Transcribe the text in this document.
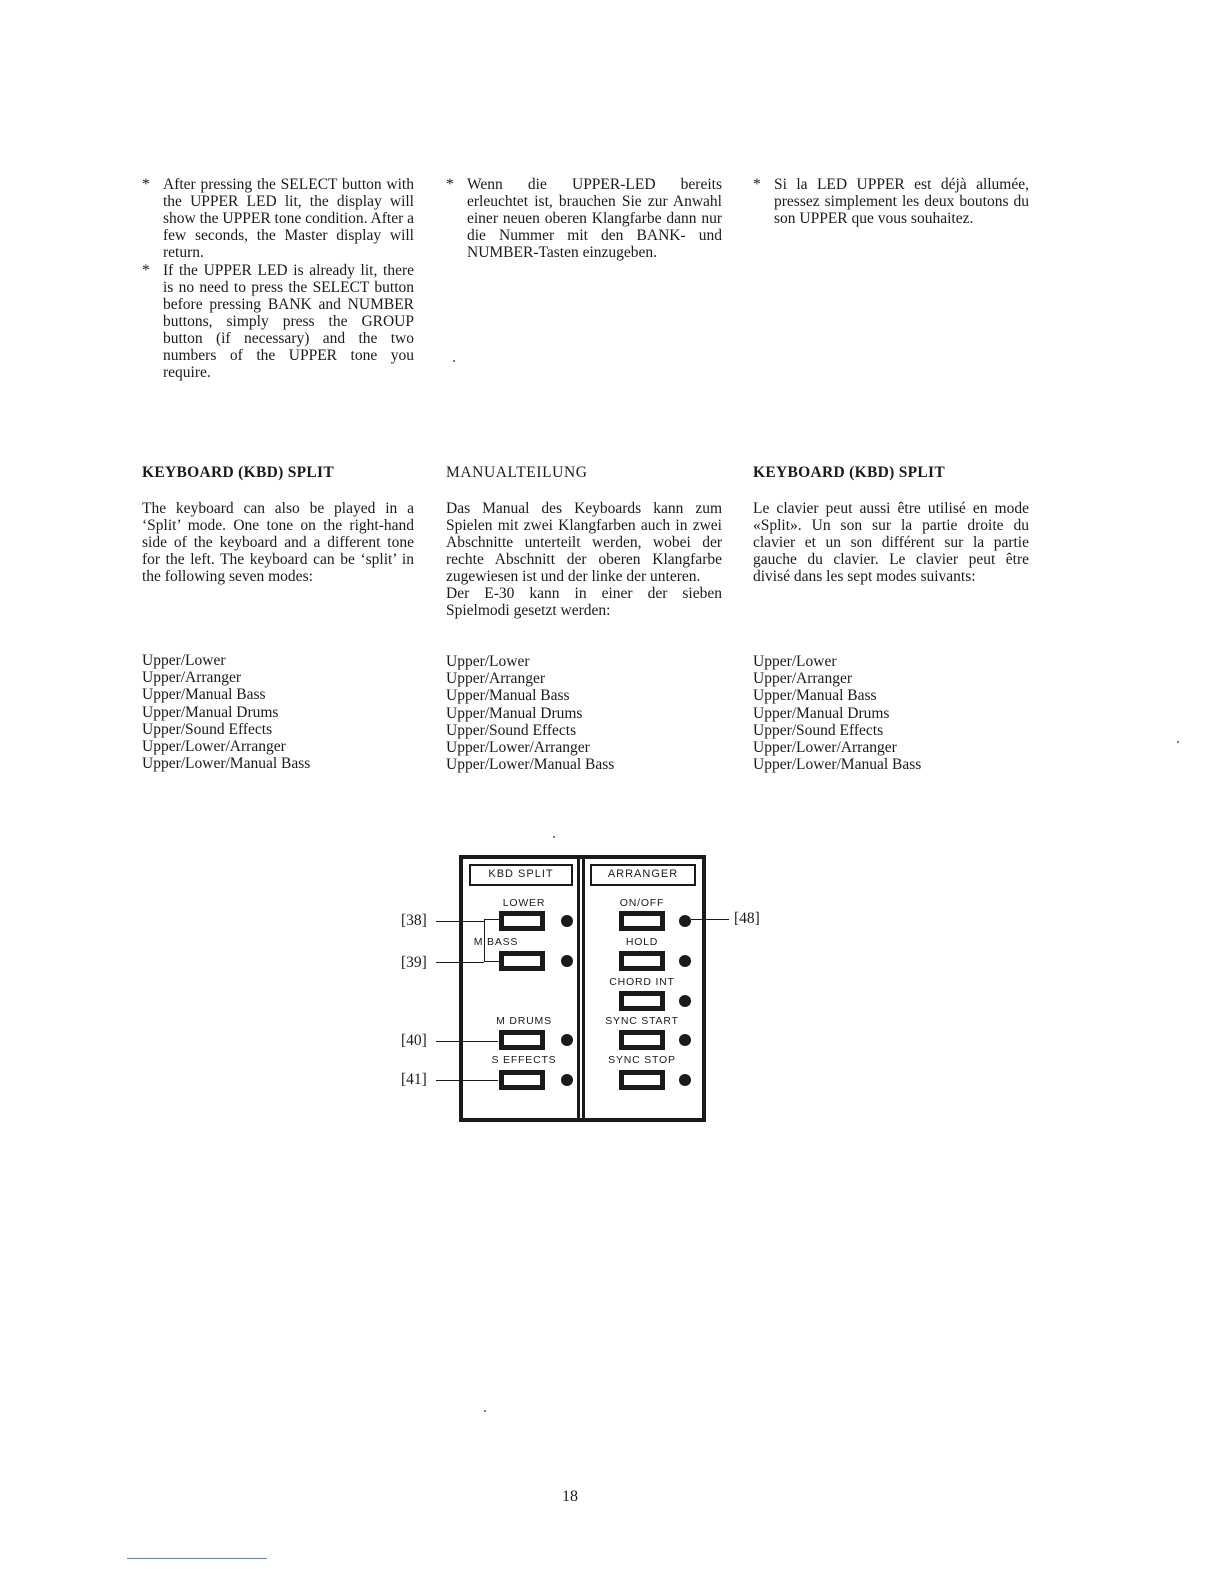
* After pressing the SELECT button with the UPPER LED lit, the display will show the UPPER tone condition. After a few seconds, the Master display will return.

* If the UPPER LED is already lit, there is no need to press the SELECT button before pressing BANK and NUMBER buttons, simply press the GROUP button (if necessary) and the two numbers of the UPPER tone you require.

KEYBOARD (KBD) SPLIT

The keyboard can also be played in a ‘Split’ mode. One tone on the right-hand side of the keyboard and a different tone for the left. The keyboard can be ‘split’ in the following seven modes:

Upper/Lower
Upper/Arranger
Upper/Manual Bass
Upper/Manual Drums
Upper/Sound Effects
Upper/Lower/Arranger
Upper/Lower/Manual Bass
* Wenn die UPPER-LED bereits erleuchtet ist, brauchen Sie zur Anwahl einer neuen oberen Klangfarbe dann nur die Nummer mit den BANK- und NUMBER-Tasten einzugeben.

MANUALTEILUNG

Das Manual des Keyboards kann zum Spielen mit zwei Klangfarben auch in zwei Abschnitte unterteilt werden, wobei der rechte Abschnitt der oberen Klangfarbe zugewiesen ist und der linke der unteren.

Der E-30 kann in einer der sieben Spielmodi gesetzt werden:

Upper/Lower
Upper/Arranger
Upper/Manual Bass
Upper/Manual Drums
Upper/Sound Effects
Upper/Lower/Arranger
Upper/Lower/Manual Bass
* Si la LED UPPER est déjà allumée, pressez simplement les deux boutons du son UPPER que vous souhaitez.

KEYBOARD (KBD) SPLIT

Le clavier peut aussi être utilisé en mode «Split». Un son sur la partie droite du clavier et un son différent sur la partie gauche du clavier. Le clavier peut être divisé dans les sept modes suivants:

Upper/Lower
Upper/Arranger
Upper/Manual Bass
Upper/Manual Drums
Upper/Sound Effects
Upper/Lower/Arranger
Upper/Lower/Manual Bass
KBD SPLIT	ARRANGER
LOWER
M BASS
M DRUMS
S EFFECTS
ON/OFF
HOLD
CHORD INT
SYNC START
SYNC STOP
[38]
[39]
[40]
[41]
[48]
18
